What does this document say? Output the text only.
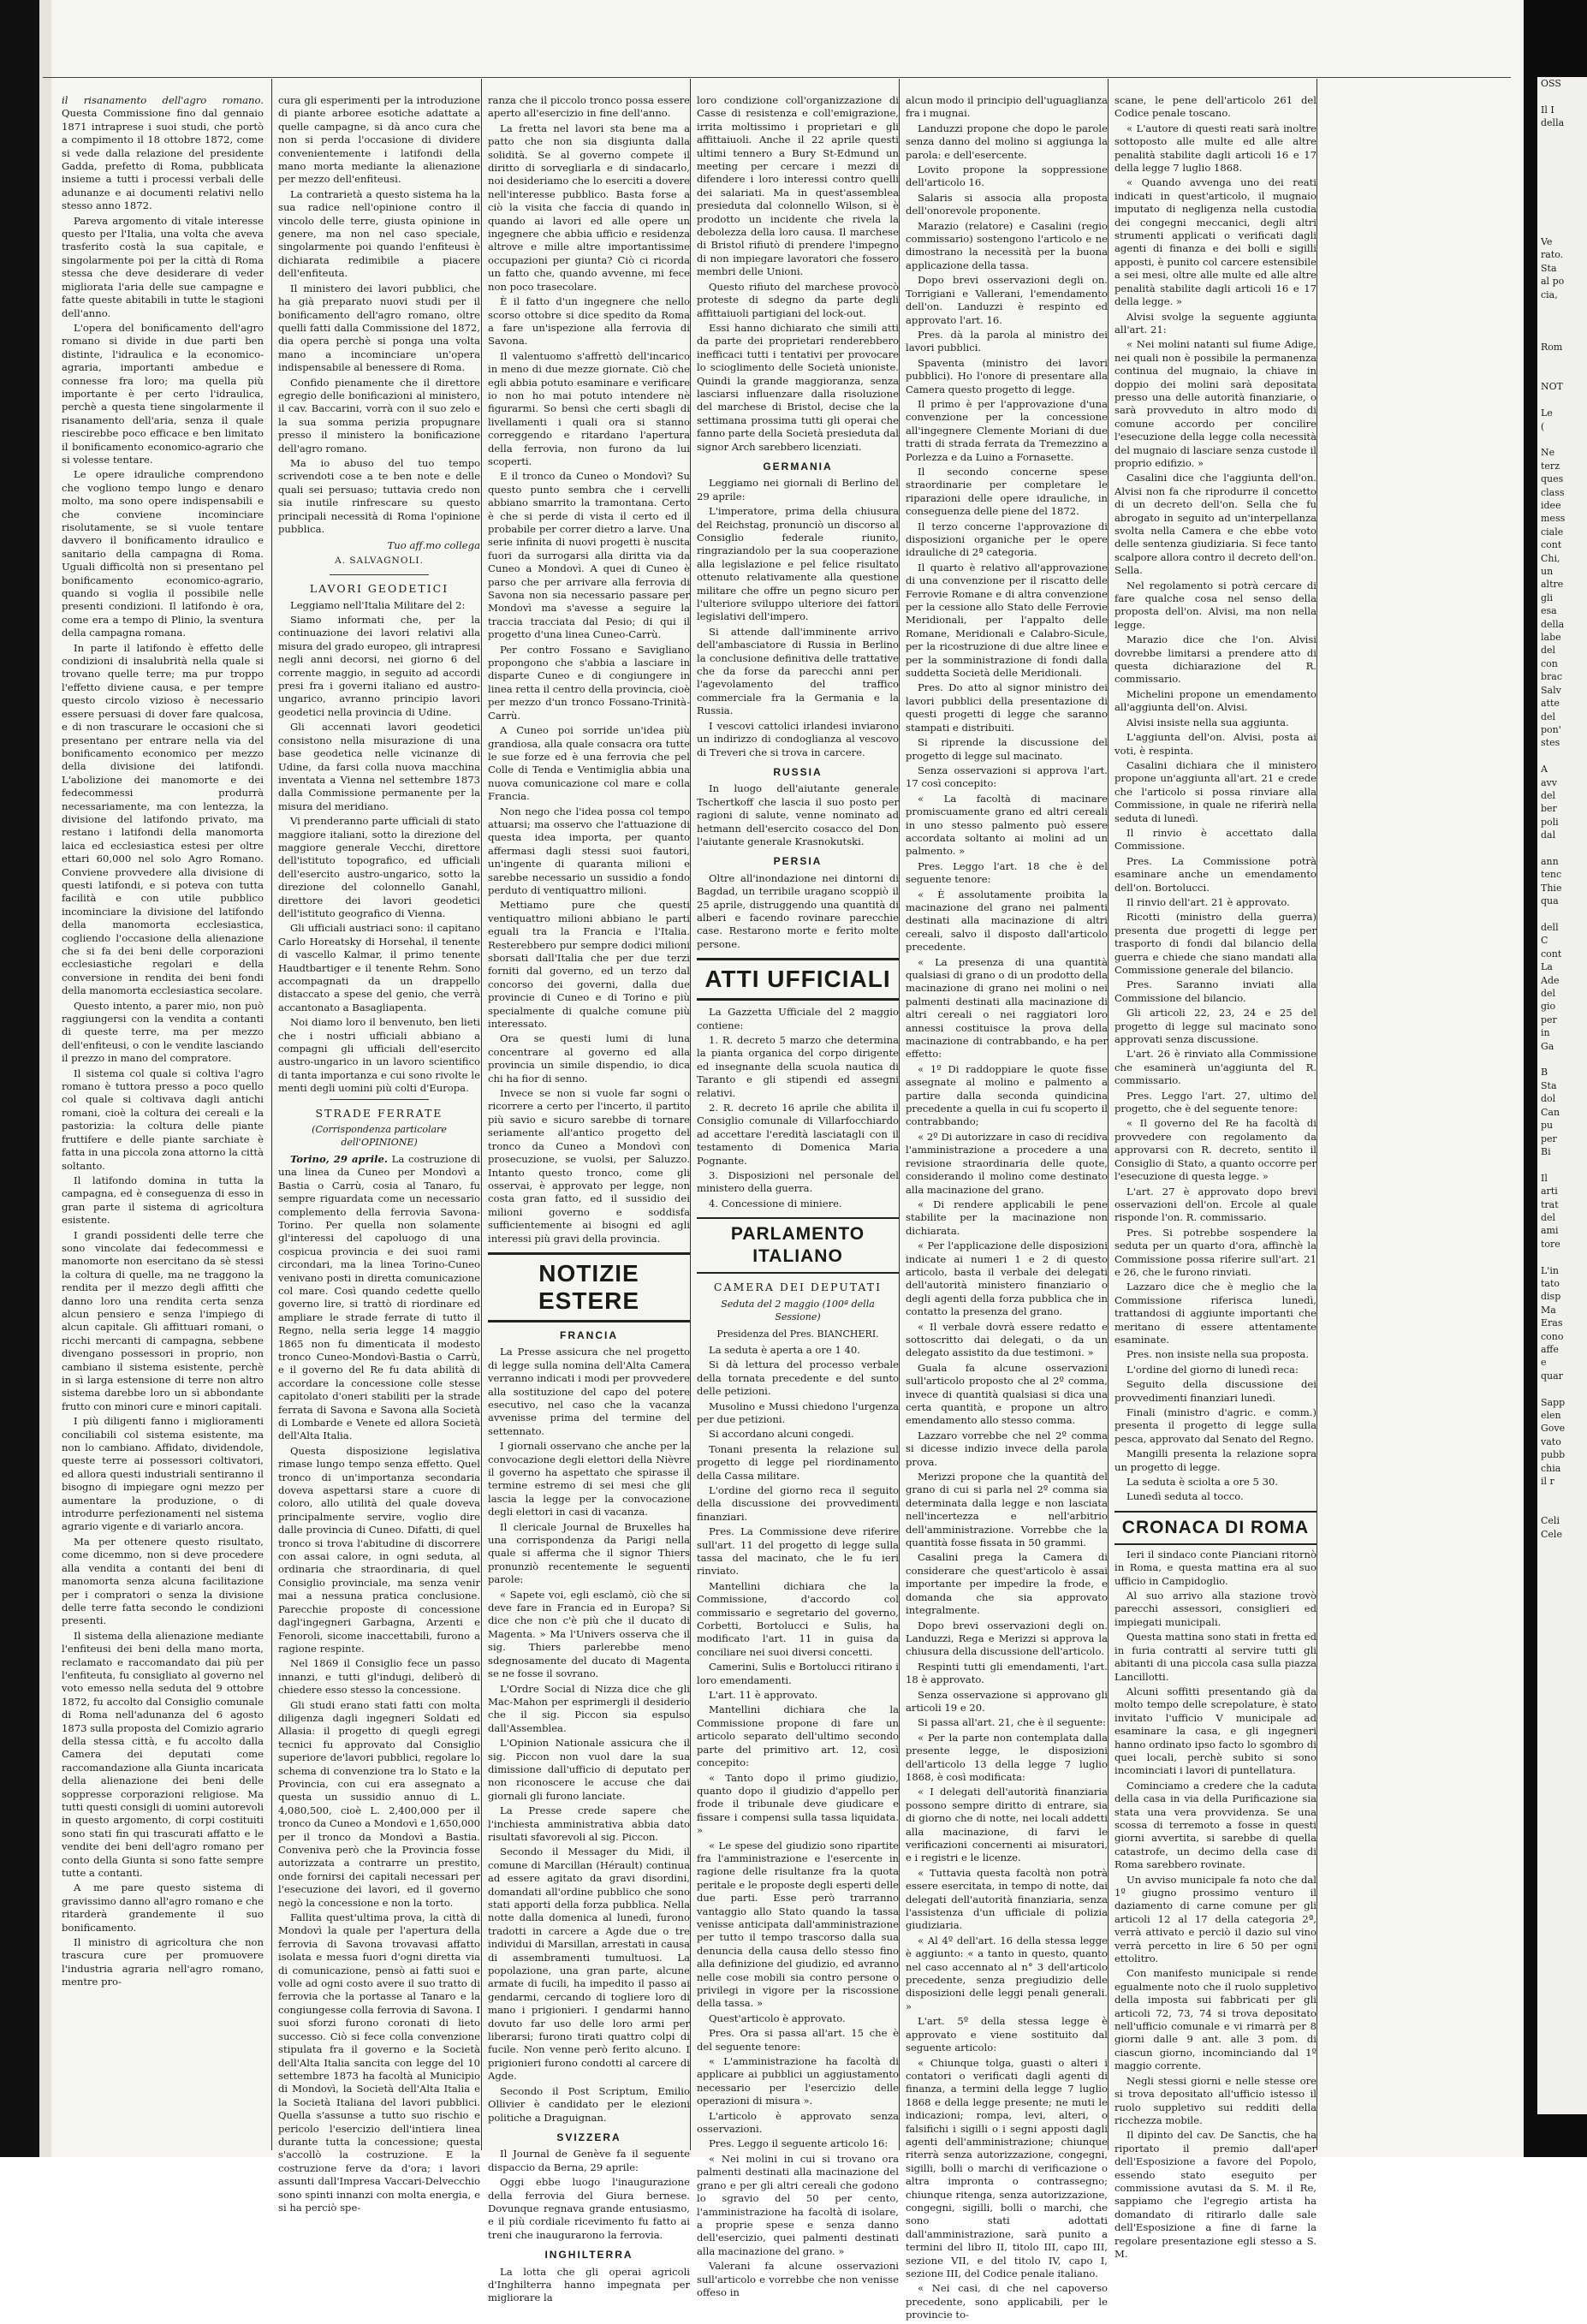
il risanamento dell'agro romano. Questa Commissione fino dal gennaio 1871 intraprese i suoi studi, che portò a compimento il 18 ottobre 1872, come si vede dalla relazione del presidente Gadda, prefetto di Roma, pubblicata insieme a tutti i processi verbali delle adunanze e ai documenti relativi nello stesso anno 1872.

Pareva argomento di vitale interesse questo per l'Italia, una volta che aveva trasferito costà la sua capitale, e singolarmente poi per la città di Roma stessa che deve desiderare di veder migliorata l'aria delle sue campagne e fatte queste abitabili in tutte le stagioni dell'anno.

L'opera del bonificamento dell'agro romano si divide in due parti ben distinte, l'idraulica e la economico-agraria, importanti ambedue e connesse fra loro; ma quella più importante è per certo l'idraulica, perchè a questa tiene singolarmente il risanamento dell'aria, senza il quale riescirebbe poco efficace e ben limitato il bonificamento economico-agrario che si volesse tentare.

Le opere idrauliche comprendono che vogliono tempo lungo e denaro molto, ma sono opere indispensabili e che conviene incominciare risolutamente, se si vuole tentare davvero il bonificamento idraulico e sanitario della campagna di Roma. Uguali difficoltà non si presentano pel bonificamento economico-agrario, quando si voglia il possibile nelle presenti condizioni. Il latifondo è ora, come era a tempo di Plinio, la sventura della campagna romana.

In parte il latifondo è effetto delle condizioni di insalubrità nella quale si trovano quelle terre; ma pur troppo l'effetto diviene causa, e per tempre questo circolo vizioso è necessario essere persuasi di dover fare qualcosa, e di non trascurare le occasioni che si presentano per entrare nella via del bonificamento economico per mezzo della divisione dei latifondi. L'abolizione dei manomorte e dei fedecommessi produrrà necessariamente, ma con lentezza, la divisione del latifondo privato, ma restano i latifondi della manomorta laica ed ecclesiastica estesi per oltre ettari 60,000 nel solo Agro Romano. Conviene provvedere alla divisione di questi latifondi, e si poteva con tutta facilità e con utile pubblico incominciare la divisione del latifondo della manomorta ecclesiastica, cogliendo l'occasione della alienazione che si fa dei beni delle corporazioni ecclesiastiche regolari e della conversione in rendita dei beni fondi della manomorta ecclesiastica secolare.

Questo intento, a parer mio, non può raggiungersi con la vendita a contanti di queste terre, ma per mezzo dell'enfiteusi, o con le vendite lasciando il prezzo in mano del compratore.

Il sistema col quale si coltiva l'agro romano è tuttora presso a poco quello col quale si coltivava dagli antichi romani, cioè la coltura dei cereali e la pastorizia: la coltura delle piante fruttifere e delle piante sarchiate è fatta in una piccola zona attorno la città soltanto.

Il latifondo domina in tutta la campagna, ed è conseguenza di esso in gran parte il sistema di agricoltura esistente.

I grandi possidenti delle terre che sono vincolate dai fedecommessi e manomorte non esercitano da sè stessi la coltura di quelle, ma ne traggono la rendita per il mezzo degli affitti che danno loro una rendita certa senza alcun pensiero e senza l'impiego di alcun capitale. Gli affittuari romani, o ricchi mercanti di campagna, sebbene divengano possessori in proprio, non cambiano il sistema esistente, perchè in sì larga estensione di terre non altro sistema darebbe loro un sì abbondante frutto con minori cure e minori capitali.

I più diligenti fanno i miglioramenti conciliabili col sistema esistente, ma non lo cambiano. Affidato, dividendole, queste terre ai possessori coltivatori, ed allora questi industriali sentiranno il bisogno di impiegare ogni mezzo per aumentare la produzione, o di introdurre perfezionamenti nel sistema agrario vigente e di variarlo ancora.

Ma per ottenere questo risultato, come dicemmo, non si deve procedere alla vendita a contanti dei beni di manomorta senza alcuna facilitazione per i compratori o senza la divisione delle terre fatta secondo le condizioni presenti.

Il sistema della alienazione mediante l'enfiteusi dei beni della mano morta, reclamato e raccomandato dai più per l'enfiteuta, fu consigliato al governo nel voto emesso nella seduta del 9 ottobre 1872, fu accolto dal Consiglio comunale di Roma nell'adunanza del 6 agosto 1873 sulla proposta del Comizio agrario della stessa città, e fu accolto dalla Camera dei deputati come raccomandazione alla Giunta incaricata della alienazione dei beni delle soppresse corporazioni religiose. Ma tutti questi consigli di uomini autorevoli in questo argomento, di corpi costituiti sono stati fin qui trascurati affatto e le vendite dei beni dell'agro romano per conto della Giunta si sono fatte sempre tutte a contanti.

A me pare questo sistema di gravissimo danno all'agro romano e che ritarderà grandemente il suo bonificamento.

Il ministro di agricoltura che non trascura cure per promuovere l'industria agraria nell'agro romano, mentre pro-

cura gli esperimenti per la introduzione di piante arboree esotiche adattate a quelle campagne, si dà anco cura che non si perda l'occasione di dividere convenientemente i latifondi della mano morta mediante la alienazione per mezzo dell'enfiteusi.

La contrarietà a questo sistema ha la sua radice nell'opinione contro il vincolo delle terre, giusta opinione in genere, ma non nel caso speciale, singolarmente poi quando l'enfiteusi è dichiarata redimibile a piacere dell'enfiteuta.

Il ministero dei lavori pubblici, che ha già preparato nuovi studi per il bonificamento dell'agro romano, oltre quelli fatti dalla Commissione del 1872, dia opera perchè si ponga una volta mano a incominciare un'opera indispensabile al benessere di Roma.

Confido pienamente che il direttore egregio delle bonificazioni al ministero, il cav. Baccarini, vorrà con il suo zelo e la sua somma perizia propugnare presso il ministero la bonificazione dell'agro romano.

Ma io abuso del tuo tempo scrivendoti cose a te ben note e delle quali sei persuaso; tuttavia credo non sia inutile rinfrescare su questo principali necessità di Roma l'opinione pubblica.

Tuo aff.mo collega
A. SALVAGNOLI.
LAVORI GEODETICI

Leggiamo nell'Italia Militare del 2:

Siamo informati che, per la continuazione dei lavori relativi alla misura del grado europeo, gli intrapresi negli anni decorsi, nei giorno 6 del corrente maggio, in seguito ad accordi presi fra i governi italiano ed austro-ungarico, avranno principio lavori geodetici nella provincia di Udine.

Gli accennati lavori geodetici consistono nella misurazione di una base geodetica nelle vicinanze di Udine, da farsi colla nuova macchina inventata a Vienna nel settembre 1873 dalla Commissione permanente per la misura del meridiano.

Vi prenderanno parte ufficiali di stato maggiore italiani, sotto la direzione del maggiore generale Vecchi, direttore dell'istituto topografico, ed ufficiali dell'esercito austro-ungarico, sotto la direzione del colonnello Ganahl, direttore dei lavori geodetici dell'istituto geografico di Vienna.

Gli ufficiali austriaci sono: il capitano Carlo Horeatsky di Horsehal, il tenente di vascello Kalmar, il primo tenente Haudtbartiger e il tenente Rehm. Sono accompagnati da un drappello distaccato a spese del genio, che verrà accantonato a Basagliapenta.

Noi diamo loro il benvenuto, ben lieti che i nostri ufficiali abbiano a compagni gli ufficiali dell'esercito austro-ungarico in un lavoro scientifico di tanta importanza e cui sono rivolte le menti degli uomini più colti d'Europa.

STRADE FERRATE
(Corrispondenza particolare dell'OPINIONE)

Torino, 29 aprile. La costruzione di una linea da Cuneo per Mondovì a Bastia o Carrù, cosia al Tanaro, fu sempre riguardata come un necessario complemento della ferrovia Savona-Torino. Per quella non solamente gl'interessi del capoluogo di una cospicua provincia e dei suoi rami circondari, ma la linea Torino-Cuneo venivano posti in diretta comunicazione col mare. Così quando cedette quello governo lire, si trattò di riordinare ed ampliare le strade ferrate di tutto il Regno, nella seria legge 14 maggio 1865 non fu dimenticata il modesto tronco Cuneo-Mondovì-Bastia o Carrù, e il governo del Re fu data abilità di accordare la concessione colle stesse capitolato d'oneri stabiliti per la strade ferrata di Savona e Savona alla Società di Lombarde e Venete ed allora Società dell'Alta Italia.

Questa disposizione legislativa rimase lungo tempo senza effetto. Quel tronco di un'importanza secondaria doveva aspettarsi stare a cuore di coloro, allo utilità del quale doveva principalmente servire, voglio dire dalle provincia di Cuneo. Difatti, di quel tronco si trova l'abitudine di discorrere con assai calore, in ogni seduta, al ordinaria che straordinaria, di quel Consiglio provinciale, ma senza venir mai a nessuna pratica conclusione. Parecchie proposte di concessione dagl'ingegneri Garbagna, Arzenti e Fenoroli, sicome inaccettabili, furono a ragione respinte.

Nel 1869 il Consiglio fece un passo innanzi, e tutti gl'indugi, deliberò di chiedere esso stesso la concessione.

Gli studi erano stati fatti con molta diligenza dagli ingegneri Soldati ed Allasia: il progetto di quegli egregi tecnici fu approvato dal Consiglio superiore de'lavori pubblici, regolare lo schema di convenzione tra lo Stato e la Provincia, con cui era assegnato a questa un sussidio annuo di L. 4,080,500, cioè L. 2,400,000 per il tronco da Cuneo a Mondovì e 1,650,000 per il tronco da Mondovì a Bastia. Conveniva però che la Provincia fosse autorizzata a contrarre un prestito, onde fornirsi dei capitali necessari per l'esecuzione dei lavori, ed il governo negò la concessione e non la torto.

Fallita quest'ultima prova, la città di Mondovì la quale per l'apertura della ferrovia di Savona trovavasi affatto isolata e messa fuori d'ogni diretta via di comunicazione, pensò ai fatti suoi e volle ad ogni costo avere il suo tratto di ferrovia che la portasse al Tanaro e la congiungesse colla ferrovia di Savona. I suoi sforzi furono coronati di lieto successo. Ciò si fece colla convenzione stipulata fra il governo e la Società dell'Alta Italia sancita con legge del 10 settembre 1873 ha facoltà al Municipio di Mondovì, la Società dell'Alta Italia e la Società Italiana del lavori pubblici. Quella s'assunse a tutto suo rischio e pericolo l'esercizio dell'intiera linea durante tutta la concessione; questa s'accollò la costruzione. E la costruzione ferve da d'ora; i lavori assunti dall'Impresa Vaccari-Delvecchio sono spinti innanzi con molta energia, e si ha perciò spe-

ranza che il piccolo tronco possa essere aperto all'esercizio in fine dell'anno.

La fretta nel lavori sta bene ma a patto che non sia disgiunta dalla solidità. Se al governo compete il diritto di sorvegliarla e di sindacarlo, noi desideriamo che lo eserciti a dovere nell'interesse pubblico. Basta forse a ciò la visita che faccia di quando in quando ai lavori ed alle opere un ingegnere che abbia ufficio e residenza altrove e mille altre importantissime occupazioni per giunta? Ciò ci ricorda un fatto che, quando avvenne, mi fece non poco trasecolare.

È il fatto d'un ingegnere che nello scorso ottobre si dice spedito da Roma a fare un'ispezione alla ferrovia di Savona.

Il valentuomo s'affrettò dell'incarico in meno di due mezze giornate. Ciò che egli abbia potuto esaminare e verificare io non ho mai potuto intendere nè figurarmi. So bensì che certi sbagli di livellamenti i quali ora si stanno correggendo e ritardano l'apertura della ferrovia, non furono da lui scoperti.

E il tronco da Cuneo o Mondovì? Su questo punto sembra che i cervelli abbiano smarrito la tramontana. Certo è che si perde di vista il certo ed il probabile per correr dietro a larve. Una serie infinita di nuovi progetti è nuscita fuori da surrogarsi alla diritta via da Cuneo a Mondovì. A quei di Cuneo è parso che per arrivare alla ferrovia di Savona non sia necessario passare per Mondovì ma s'avesse a seguire la traccia tracciata dal Pesio; di qui il progetto d'una linea Cuneo-Carrù.

Per contro Fossano e Savigliano propongono che s'abbia a lasciare in disparte Cuneo e di congiungere in linea retta il centro della provincia, cioè per mezzo d'un tronco Fossano-Trinità-Carrù.

A Cuneo poi sorride un'idea più grandiosa, alla quale consacra ora tutte le sue forze ed è una ferrovia che pel Colle di Tenda e Ventimiglia abbia una nuova comunicazione col mare e colla Francia.

Non nego che l'idea possa col tempo attuarsi; ma osservo che l'attuazione di questa idea importa, per quanto affermasi dagli stessi suoi fautori, un'ingente di quaranta milioni e sarebbe necessario un sussidio a fondo perduto di ventiquattro milioni.

Mettiamo pure che questi ventiquattro milioni abbiano le parti eguali tra la Francia e l'Italia. Resterebbero pur sempre dodici milioni sborsati dall'Italia che per due terzi forniti dal governo, ed un terzo dal concorso dei governi, dalla due provincie di Cuneo e di Torino e più specialmente di qualche comune più interessato.

Ora se questi lumi di luna concentrare al governo ed alla provincia un simile dispendio, io dica chi ha fior di senno.

Invece se non si vuole far sogni o ricorrere a certo per l'incerto, il partito più savio e sicuro sarebbe di tornare seriamente all'antico progetto del tronco da Cuneo a Mondovì con prosecuzione, se vuolsi, per Saluzzo. Intanto questo tronco, come gli osservai, è approvato per legge, non costa gran fatto, ed il sussidio dei milioni governo e soddisfa sufficientemente ai bisogni ed agli interessi più gravi della provincia.

NOTIZIE ESTERE
FRANCIA

La Presse assicura che nel progetto di legge sulla nomina dell'Alta Camera verranno indicati i modi per provvedere alla sostituzione del capo del potere esecutivo, nel caso che la vacanza avvenisse prima del termine del settennato.

I giornali osservano che anche per la convocazione degli elettori della Nièvre il governo ha aspettato che spirasse il termine estremo di sei mesi che gli lascia la legge per la convocazione degli elettori in casi di vacanza.

Il clericale Journal de Bruxelles ha una corrispondenza da Parigi nella quale si afferma che il signor Thiers pronunziò recentemente le seguenti parole:

« Sapete voi, egli esclamò, ciò che si deve fare in Francia ed in Europa? Si dice che non c'è più che il ducato di Magenta. » Ma l'Univers osserva che il sig. Thiers parlerebbe meno sdegnosamente del ducato di Magenta se ne fosse il sovrano.

L'Ordre Social di Nizza dice che gli Mac-Mahon per esprimergli il desiderio che il sig. Piccon sia espulso dall'Assemblea.

L'Opinion Nationale assicura che il sig. Piccon non vuol dare la sua dimissione dall'ufficio di deputato per non riconoscere le accuse che dai giornali gli furono lanciate.

La Presse crede sapere che l'inchiesta amministrativa abbia dato risultati sfavorevoli al sig. Piccon.

Secondo il Messager du Midi, il comune di Marcillan (Hérault) continua ad essere agitato da gravi disordini, domandati all'ordine pubblico che sono stati apporti della forza pubblica. Nella notte dalla domenica al lunedì, furono tradotti in carcere a Agde due o tre individui di Marsillan, arrestati in causa di assembramenti tumultuosi. La popolazione, una gran parte, alcune armate di fucili, ha impedito il passo ai gendarmi, cercando di togliere loro di mano i prigionieri. I gendarmi hanno dovuto far uso delle loro armi per liberarsi; furono tirati quattro colpi di fucile. Non venne però ferito alcuno. I prigionieri furono condotti al carcere di Agde.

Secondo il Post Scriptum, Emilio Ollivier è candidato per le elezioni politiche a Draguignan.

SVIZZERA

Il Journal de Genève fa il seguente dispaccio da Berna, 29 aprile:

Oggi ebbe luogo l'inaugurazione della ferrovia del Giura bernese. Dovunque regnava grande entusiasmo, e il più cordiale ricevimento fu fatto ai treni che inaugurarono la ferrovia.

INGHILTERRA

La lotta che gli operai agricoli d'Inghilterra hanno impegnata per migliorare la

loro condizione coll'organizzazione di Casse di resistenza e coll'emigrazione, irrita moltissimo i proprietari e gli affittaiuoli. Anche il 22 aprile questi ultimi tennero a Bury St-Edmund un meeting per cercare i mezzi di difendere i loro interessi contro quelli dei salariati. Ma in quest'assemblea presieduta dal colonnello Wilson, si è prodotto un incidente che rivela la debolezza della loro causa. Il marchese di Bristol rifiutò di prendere l'impegno di non impiegare lavoratori che fossero membri delle Unioni.

Questo rifiuto del marchese provocò proteste di sdegno da parte degli affittaiuoli partigiani del lock-out.

Essi hanno dichiarato che simili atti da parte dei proprietari renderebbero inefficaci tutti i tentativi per provocare lo scioglimento delle Società unioniste. Quindi la grande maggioranza, senza lasciarsi influenzare dalla risoluzione del marchese di Bristol, decise che la settimana prossima tutti gli operai che fanno parte della Società presieduta dal signor Arch sarebbero licenziati.

GERMANIA

Leggiamo nei giornali di Berlino del 29 aprile:

L'imperatore, prima della chiusura del Reichstag, pronunciò un discorso al Consiglio federale riunito, ringraziandolo per la sua cooperazione alla legislazione e pel felice risultato ottenuto relativamente alla questione militare che offre un pegno sicuro per l'ulteriore sviluppo ulteriore dei fattori legislativi dell'impero.

Si attende dall'imminente arrivo dell'ambasciatore di Russia in Berlino la conclusione definitiva delle trattative che da forse da parecchi anni per l'agevolamento del traffico commerciale fra la Germania e la Russia.

I vescovi cattolici irlandesi inviarono un indirizzo di condoglianza al vescovo di Treveri che si trova in carcere.

RUSSIA

In luogo dell'aiutante generale Tschertkoff che lascia il suo posto per ragioni di salute, venne nominato ad hetmann dell'esercito cosacco del Don l'aiutante generale Krasnokutski.

PERSIA

Oltre all'inondazione nei dintorni di Bagdad, un terribile uragano scoppiò il 25 aprile, distruggendo una quantità di alberi e facendo rovinare parecchie case. Restarono morte e ferito molte persone.

ATTI UFFICIALI

La Gazzetta Ufficiale del 2 maggio contiene:

1. R. decreto 5 marzo che determina la pianta organica del corpo dirigente ed insegnante della scuola nautica di Taranto e gli stipendi ed assegni relativi.

2. R. decreto 16 aprile che abilita il Consiglio comunale di Villarfocchiardo ad accettare l'eredità lasciatagli con il testamento di Domenica Maria Pognante.

3. Disposizioni nel personale del ministero della guerra.

4. Concessione di miniere.

PARLAMENTO ITALIANO
CAMERA DEI DEPUTATI
Seduta del 2 maggio (100ª della Sessione)
Presidenza del Pres. BIANCHERI.

La seduta è aperta a ore 1 40.

Si dà lettura del processo verbale della tornata precedente e del sunto delle petizioni.

Musolino e Mussi chiedono l'urgenza per due petizioni.

Si accordano alcuni congedi.

Tonani presenta la relazione sul progetto di legge pel riordinamento della Cassa militare.

L'ordine del giorno reca il seguito della discussione dei provvedimenti finanziari.

Pres. La Commissione deve riferire sull'art. 11 del progetto di legge sulla tassa del macinato, che le fu ieri rinviato.

Mantellini dichiara che la Commissione, d'accordo col commissario e segretario del governo, Corbetti, Bortolucci e Sulis, ha modificato l'art. 11 in guisa da conciliare nei suoi diversi concetti.

Camerini, Sulis e Bortolucci ritirano i loro emendamenti.

L'art. 11 è approvato.

Mantellini dichiara che la Commissione propone di fare un articolo separato dell'ultimo secondo parte del primitivo art. 12, così concepito:

« Tanto dopo il primo giudizio, quanto dopo il giudizio d'appello per frode il tribunale deve giudicare e fissare i compensi sulla tassa liquidata. »

« Le spese del giudizio sono ripartite fra l'amministrazione e l'esercente in ragione delle risultanze fra la quota peritale e le proposte degli esperti delle due parti. Esse però trarranno vantaggio allo Stato quando la tassa venisse anticipata dall'amministrazione per tutto il tempo trascorso dalla sua denuncia della causa dello stesso fino alla definizione del giudizio, ed avranno nelle cose mobili sia contro persone o privilegi in vigore per la riscossione della tassa. »

Quest'articolo è approvato.

Pres. Ora si passa all'art. 15 che è del seguente tenore:

« L'amministrazione ha facoltà di applicare ai pubblici un aggiustamento necessario per l'esercizio delle operazioni di misura ».

L'articolo è approvato senza osservazioni.

Pres. Leggo il seguente articolo 16:

« Nei molini in cui si trovano ora palmenti destinati alla macinazione del grano e per gli altri cereali che godono lo sgravio del 50 per cento, l'amministrazione ha facoltà di isolare, a proprie spese e senza danno dell'esercizio, quei palmenti destinati alla macinazione del grano. »

Valerani fa alcune osservazioni sull'articolo e vorrebbe che non venisse offeso in

alcun modo il principio dell'uguaglianza fra i mugnai.

Landuzzi propone che dopo le parole senza danno del molino si aggiunga la parola: e dell'esercente.

Lovito propone la soppressione dell'articolo 16.

Salaris si associa alla proposta dell'onorevole proponente.

Marazio (relatore) e Casalini (regio commissario) sostengono l'articolo e ne dimostrano la necessità per la buona applicazione della tassa.

Dopo brevi osservazioni degli on. Torrigiani e Vallerani, l'emendamento dell'on. Landuzzi è respinto ed approvato l'art. 16.

Pres. dà la parola al ministro dei lavori pubblici.

Spaventa (ministro dei lavori pubblici). Ho l'onore di presentare alla Camera questo progetto di legge.

Il primo è per l'approvazione d'una convenzione per la concessione all'ingegnere Clemente Moriani di due tratti di strada ferrata da Tremezzino a Porlezza e da Luino a Fornasette.

Il secondo concerne spese straordinarie per completare le riparazioni delle opere idrauliche, in conseguenza delle piene del 1872.

Il terzo concerne l'approvazione di disposizioni organiche per le opere idrauliche di 2ª categoria.

Il quarto è relativo all'approvazione di una convenzione per il riscatto delle Ferrovie Romane e di altra convenzione per la cessione allo Stato delle Ferrovie Meridionali, per l'appalto delle Romane, Meridionali e Calabro-Sicule, per la ricostruzione di due altre linee e per la somministrazione di fondi dalla suddetta Società delle Meridionali.

Pres. Do atto al signor ministro dei lavori pubblici della presentazione di questi progetti di legge che saranno stampati e distribuiti.

Si riprende la discussione del progetto di legge sul macinato.

Senza osservazioni si approva l'art. 17 così concepito:

« La facoltà di macinare promiscuamente grano ed altri cereali in uno stesso palmento può essere accordata soltanto ai molini ad un palmento. »

Pres. Leggo l'art. 18 che è del seguente tenore:

« È assolutamente proibita la macinazione del grano nei palmenti destinati alla macinazione di altri cereali, salvo il disposto dall'articolo precedente.

« La presenza di una quantità qualsiasi di grano o di un prodotto della macinazione di grano nei molini o nei palmenti destinati alla macinazione di altri cereali o nei raggiatori loro annessi costituisce la prova della macinazione di contrabbando, e ha per effetto:

« 1º Di raddoppiare le quote fisse assegnate al molino e palmento a partire dalla seconda quindicina precedente a quella in cui fu scoperto il contrabbando;

« 2º Di autorizzare in caso di recidiva l'amministrazione a procedere a una revisione straordinaria delle quote, considerando il molino come destinato alla macinazione del grano.

« Di rendere applicabili le pene stabilite per la macinazione non dichiarata.

« Per l'applicazione delle disposizioni indicate ai numeri 1 e 2 di questo articolo, basta il verbale dei delegati dell'autorità ministero finanziario o degli agenti della forza pubblica che in contatto la presenza del grano.

« Il verbale dovrà essere redatto e sottoscritto dai delegati, o da un delegato assistito da due testimoni. »

Guala fa alcune osservazioni sull'articolo proposto che al 2º comma, invece di quantità qualsiasi si dica una certa quantità, e propone un altro emendamento allo stesso comma.

Lazzaro vorrebbe che nel 2º comma si dicesse indizio invece della parola prova.

Merizzi propone che la quantità del grano di cui si parla nel 2º comma sia determinata dalla legge e non lasciata nell'incertezza e nell'arbitrio dell'amministrazione. Vorrebbe che la quantità fosse fissata in 50 grammi.

Casalini prega la Camera di considerare che quest'articolo è assai importante per impedire la frode, e domanda che sia approvato integralmente.

Dopo brevi osservazioni degli on. Landuzzi, Rega e Merizzi si approva la chiusura della discussione dell'articolo.

Respinti tutti gli emendamenti, l'art. 18 è approvato.

Senza osservazione si approvano gli articoli 19 e 20.

Si passa all'art. 21, che è il seguente:

« Per la parte non contemplata dalla presente legge, le disposizioni dell'articolo 13 della legge 7 luglio 1868, è così modificata:

« I delegati dell'autorità finanziaria possono sempre diritto di entrare, sia di giorno che di notte, nei locali addetti alla macinazione, di farvi le verificazioni concernenti ai misuratori, e i registri e le licenze.

« Tuttavia questa facoltà non potrà essere esercitata, in tempo di notte, dai delegati dell'autorità finanziaria, senza l'assistenza d'un ufficiale di polizia giudiziaria.

« Al 4º dell'art. 16 della stessa legge è aggiunto: « a tanto in questo, quanto nel caso accennato al n° 3 dell'articolo precedente, senza pregiudizio delle disposizioni delle leggi penali generali. »

L'art. 5º della stessa legge è approvato e viene sostituito dal seguente articolo:

« Chiunque tolga, guasti o alteri i contatori o verificati dagli agenti di finanza, a termini della legge 7 luglio 1868 e della legge presente; ne muti le indicazioni; rompa, levi, alteri, o falsifichi i sigilli o i segni apposti dagli agenti dell'amministrazione; chiunque riterrà senza autorizzazione, congegni, sigilli, bolli o marchi di verificazione o altra impronta o contrassegno; chiunque ritenga, senza autorizzazione, congegni, sigilli, bolli o marchi, che sono stati adottati dall'amministrazione, sarà punito a termini del libro II, titolo III, capo III, sezione VII, e del titolo IV, capo I, sezione III, del Codice penale italiano.

« Nei casi, di che nel capoverso precedente, sono applicabili, per le provincie to-

scane, le pene dell'articolo 261 del Codice penale toscano.

« L'autore di questi reati sarà inoltre sottoposto alle multe ed alle altre penalità stabilite dagli articoli 16 e 17 della legge 7 luglio 1868.

« Quando avvenga uno dei reati indicati in quest'articolo, il mugnaio imputato di negligenza nella custodia dei congegni meccanici, degli altri strumenti applicati o verificati dagli agenti di finanza e dei bolli e sigilli apposti, è punito col carcere estensibile a sei mesi, oltre alle multe ed alle altre penalità stabilite dagli articoli 16 e 17 della legge. »

Alvisi svolge la seguente aggiunta all'art. 21:

« Nei molini natanti sul fiume Adige, nei quali non è possibile la permanenza continua del mugnaio, la chiave in doppio dei molini sarà depositata presso una delle autorità finanziarie, o sarà provveduto in altro modo di comune accordo per concilire l'esecuzione della legge colla necessità del mugnaio di lasciare senza custode il proprio edifizio. »

Casalini dice che l'aggiunta dell'on. Alvisi non fa che riprodurre il concetto di un decreto dell'on. Sella che fu abrogato in seguito ad un'interpellanza svolta nella Camera e che ebbe voto delle sentenza giudiziaria. Si fece tanto scalpore allora contro il decreto dell'on. Sella.

Nel regolamento si potrà cercare di fare qualche cosa nel senso della proposta dell'on. Alvisi, ma non nella legge.

Marazio dice che l'on. Alvisi dovrebbe limitarsi a prendere atto di questa dichiarazione del R. commissario.

Michelini propone un emendamento all'aggiunta dell'on. Alvisi.

Alvisi insiste nella sua aggiunta.

L'aggiunta dell'on. Alvisi, posta ai voti, è respinta.

Casalini dichiara che il ministero propone un'aggiunta all'art. 21 e crede che l'articolo si possa rinviare alla Commissione, in quale ne riferirà nella seduta di lunedì.

Il rinvio è accettato dalla Commissione.

Pres. La Commissione potrà esaminare anche un emendamento dell'on. Bortolucci.

Il rinvio dell'art. 21 è approvato.

Ricotti (ministro della guerra) presenta due progetti di legge per trasporto di fondi dal bilancio della guerra e chiede che siano mandati alla Commissione generale del bilancio.

Pres. Saranno inviati alla Commissione del bilancio.

Gli articoli 22, 23, 24 e 25 del progetto di legge sul macinato sono approvati senza discussione.

L'art. 26 è rinviato alla Commissione che esaminerà un'aggiunta del R. commissario.

Pres. Leggo l'art. 27, ultimo del progetto, che è del seguente tenore:

« Il governo del Re ha facoltà di provvedere con regolamento da approvarsi con R. decreto, sentito il Consiglio di Stato, a quanto occorre per l'esecuzione di questa legge. »

L'art. 27 è approvato dopo brevi osservazioni dell'on. Ercole al quale risponde l'on. R. commissario.

Pres. Si potrebbe sospendere la seduta per un quarto d'ora, affinchè la Commissione possa riferire sull'art. 21 e 26, che le furono rinviati.

Lazzaro dice che è meglio che la Commissione riferisca lunedì, trattandosi di aggiunte importanti che meritano di essere attentamente esaminate.

Pres. non insiste nella sua proposta.

L'ordine del giorno di lunedì reca:

Seguito della discussione dei provvedimenti finanziari lunedì.

Finali (ministro d'agric. e comm.) presenta il progetto di legge sulla pesca, approvato dal Senato del Regno.

Mangilli presenta la relazione sopra un progetto di legge.

La seduta è sciolta a ore 5 30.

Lunedì seduta al tocco.

CRONACA DI ROMA

Ieri il sindaco conte Pianciani ritornò in Roma, e questa mattina era al suo ufficio in Campidoglio.

Al suo arrivo alla stazione trovò parecchi assessori, consiglieri ed impiegati municipali.

Questa mattina sono stati in fretta ed in furia contratti al servire tutti gli abitanti di una piccola casa sulla piazza Lancillotti.

Alcuni soffitti presentando già da molto tempo delle screpolature, è stato invitato l'ufficio V municipale ad esaminare la casa, e gli ingegneri hanno ordinato ipso facto lo sgombro di quei locali, perchè subito si sono incominciati i lavori di puntellatura.

Cominciamo a credere che la caduta della casa in via della Purificazione sia stata una vera provvidenza. Se una scossa di terremoto a fosse in questi giorni avvertita, si sarebbe di quella catastrofe, un decimo della case di Roma sarebbero rovinate.

Un avviso municipale fa noto che dal 1º giugno prossimo venturo il daziamento di carne comune per gli articoli 12 al 17 della categoria 2ª, verrà attivato e perciò il dazio sul vino verrà percetto in lire 6 50 per ogni ettolitro.

Con manifesto municipale si rende egualmente noto che il ruolo suppletivo della imposta sui fabbricati per gli articoli 72, 73, 74 si trova depositato nell'ufficio comunale e vi rimarrà per 8 giorni dalle 9 ant. alle 3 pom. di ciascun giorno, incominciando dal 1º maggio corrente.

Negli stessi giorni e nelle stesse ore si trova depositato all'ufficio istesso il ruolo suppletivo sui redditi della ricchezza mobile.

Il dipinto del cav. De Sanctis, che ha riportato il premio dall'aper dell'Esposizione a favore del Popolo, essendo stato eseguito per commissione avutasi da S. M. il Re, sappiamo che l'egregio artista ha domandato di ritirarlo dalle sale dell'Esposizione a fine di farne la regolare presentazione egli stesso a S. M.

OSS

Il I
della

Ve
rato.
Sta
al po
cia,

Rom

NOT

Le
(

Ne
terz
ques
class
idee
mess
ciale
cont
Chi,
un
altre
gli
esa
della
labe
del
con
brac
Salv
atte
del
pon'
stes

A
avv
del
ber
poli
dal

ann
tenc
Thie
qua

dell
C
cont
La
Ade
del
gio
per
in
Ga

B
Sta
dol
Can
pu
per
Bi

Il
arti
trat
del
ami
tore

L'in
tato
disp
Ma
Eras
cono
affe
e
quar

Sapp
elen
Gove
vato
pubb
chia
il r

Celi
Cele
